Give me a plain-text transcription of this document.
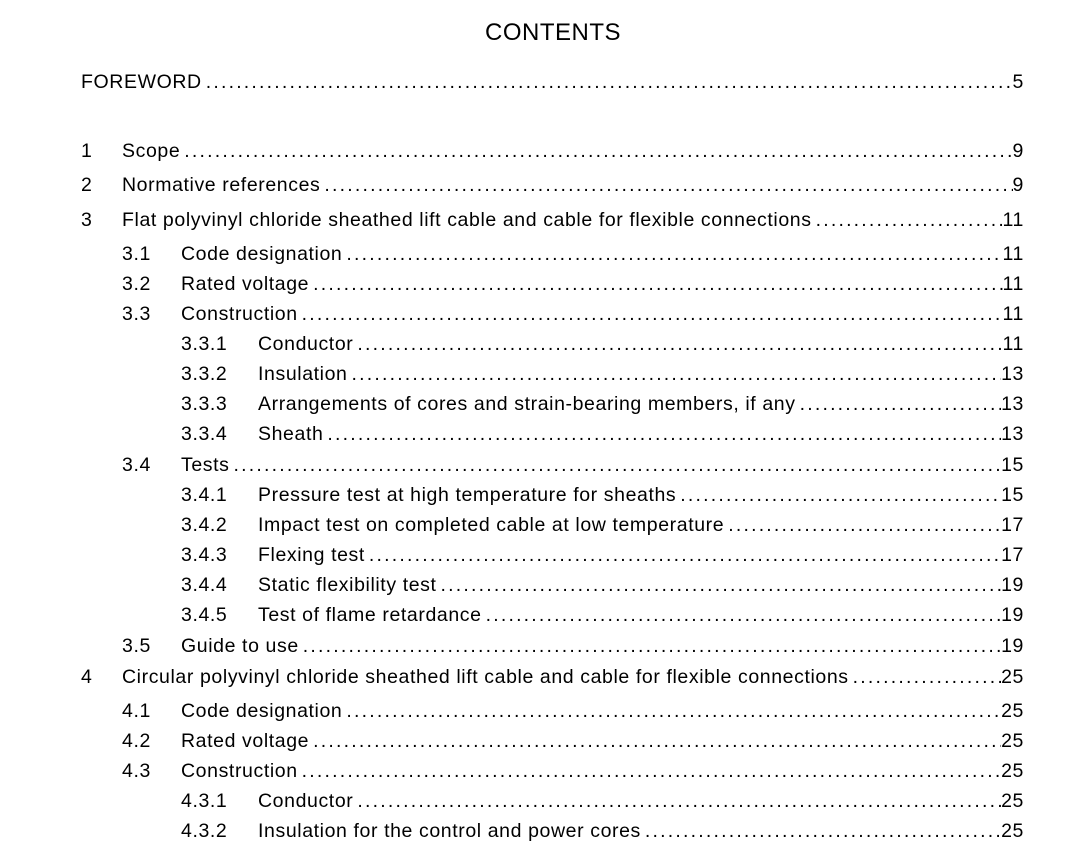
CONTENTS
FOREWORD .....	5
1	Scope .....	9
2	Normative references .....	9
3	Flat polyvinyl chloride sheathed lift cable and cable for flexible connections .....	11
3.1	Code designation .....	11
3.2	Rated voltage .....	11
3.3	Construction .....	11
3.3.1	Conductor .....	11
3.3.2	Insulation .....	13
3.3.3	Arrangements of cores and strain-bearing members, if any .....	13
3.3.4	Sheath .....	13
3.4	Tests .....	15
3.4.1	Pressure test at high temperature for sheaths .....	15
3.4.2	Impact test on completed cable at low temperature .....	17
3.4.3	Flexing test .....	17
3.4.4	Static flexibility test .....	19
3.4.5	Test of flame retardance .....	19
3.5	Guide to use .....	19
4	Circular polyvinyl chloride sheathed lift cable and cable for flexible connections .....	25
4.1	Code designation .....	25
4.2	Rated voltage .....	25
4.3	Construction .....	25
4.3.1	Conductor .....	25
4.3.2	Insulation for the control and power cores .....	25
